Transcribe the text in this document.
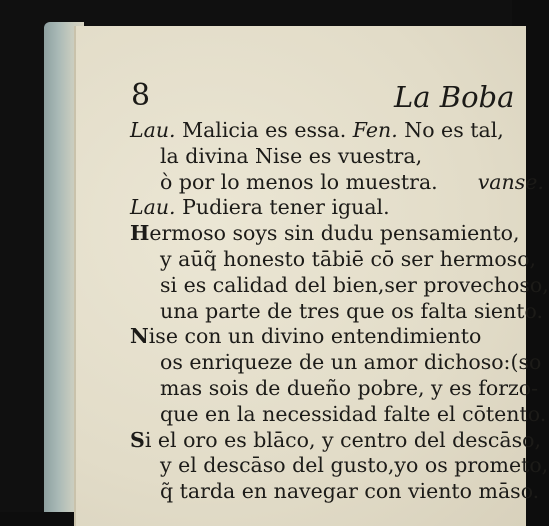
8	La Boba
Lau. Malicia es essa. Fen. No es tal,
la divina Nise es vuestra,
ò por lo menos lo muestra. vanse.
Lau. Pudiera tener igual.
Hermoso soys sin dudu pensamiento,
y aūq̃ honesto tābiē cō ser hermoso,
si es calidad del bien,ser provechoso,
una parte de tres que os falta siento.
Nise con un divino entendimiento
os enriqueze de un amor dichoso:(so
mas sois de dueño pobre, y es forzo-
que en la necessidad falte el cōtento.
Si el oro es blāco, y centro del descāso,
y el descāso del gusto,yo os prometo,
q̃ tarda en navegar con viento māso.
